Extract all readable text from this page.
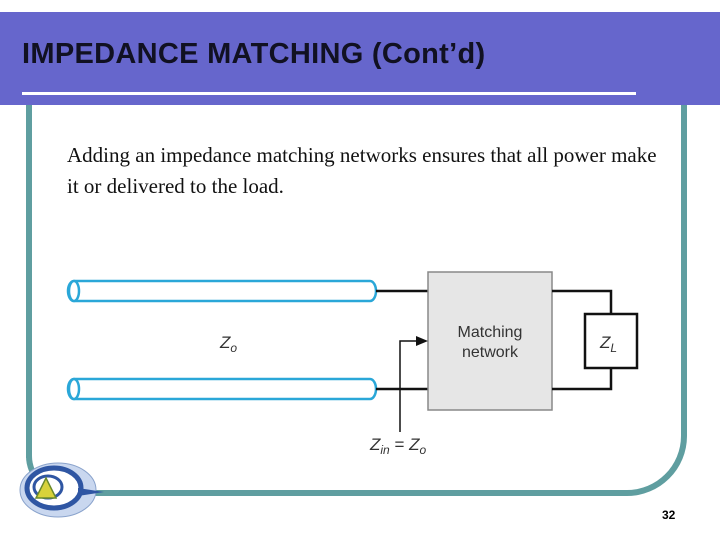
IMPEDANCE MATCHING (Cont’d)
Adding an impedance matching networks ensures that all power make it or delivered to the load.
Matching
network
$Z_L$
$Z_o$
$Z_{in} = Z_o$
32
